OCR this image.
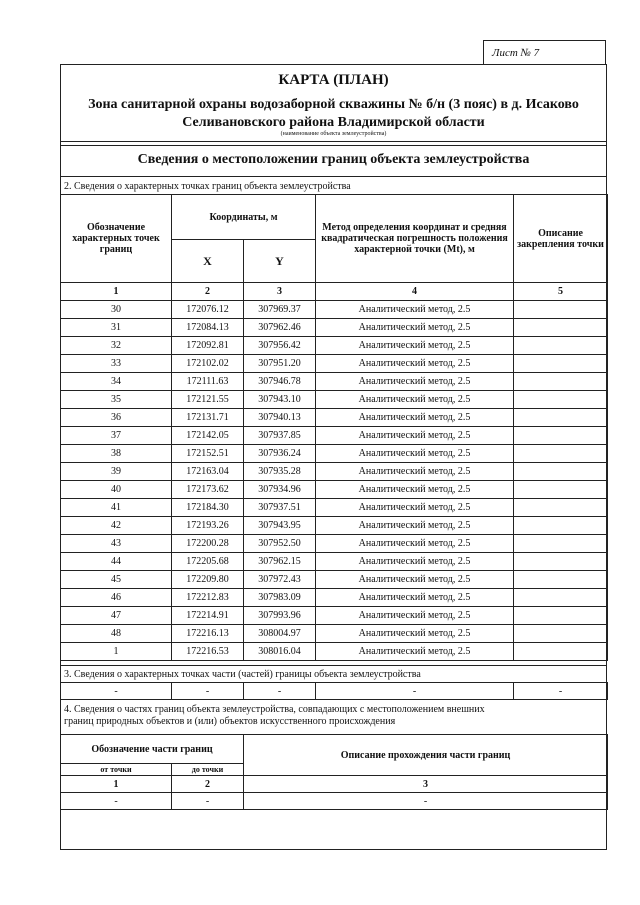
Лист № 7
КАРТА (ПЛАН)
Зона санитарной охраны водозаборной скважины № б/н (3 пояс) в д. Исаково
Селивановского района Владимирской области
(наименование объекта землеустройства)
Сведения о местоположении границ объекта землеустройства
2. Сведения о характерных точках границ объекта землеустройства
Обозначение характерных точек границ	Координаты, м		Метод определения координат и средняя квадратическая погрешность положения характерной точки (Mt), м	Описание закрепления точки
	X	Y		
1	2	3	4	5
30	172076.12	307969.37	Аналитический метод, 2.5	
31	172084.13	307962.46	Аналитический метод, 2.5	
32	172092.81	307956.42	Аналитический метод, 2.5	
33	172102.02	307951.20	Аналитический метод, 2.5	
34	172111.63	307946.78	Аналитический метод, 2.5	
35	172121.55	307943.10	Аналитический метод, 2.5	
36	172131.71	307940.13	Аналитический метод, 2.5	
37	172142.05	307937.85	Аналитический метод, 2.5	
38	172152.51	307936.24	Аналитический метод, 2.5	
39	172163.04	307935.28	Аналитический метод, 2.5	
40	172173.62	307934.96	Аналитический метод, 2.5	
41	172184.30	307937.51	Аналитический метод, 2.5	
42	172193.26	307943.95	Аналитический метод, 2.5	
43	172200.28	307952.50	Аналитический метод, 2.5	
44	172205.68	307962.15	Аналитический метод, 2.5	
45	172209.80	307972.43	Аналитический метод, 2.5	
46	172212.83	307983.09	Аналитический метод, 2.5	
47	172214.91	307993.96	Аналитический метод, 2.5	
48	172216.13	308004.97	Аналитический метод, 2.5	
1	172216.53	308016.04	Аналитический метод, 2.5	
3. Сведения о характерных точках части (частей) границы объекта землеустройства
-	-	-	-	-
4. Сведения о частях границ объекта землеустройства, совпадающих с местоположением внешних
границ природных объектов и (или) объектов искусственного происхождения
Обозначение части границ		Описание прохождения части границ
от точки	до точки	
1	2	3
-	-	-
